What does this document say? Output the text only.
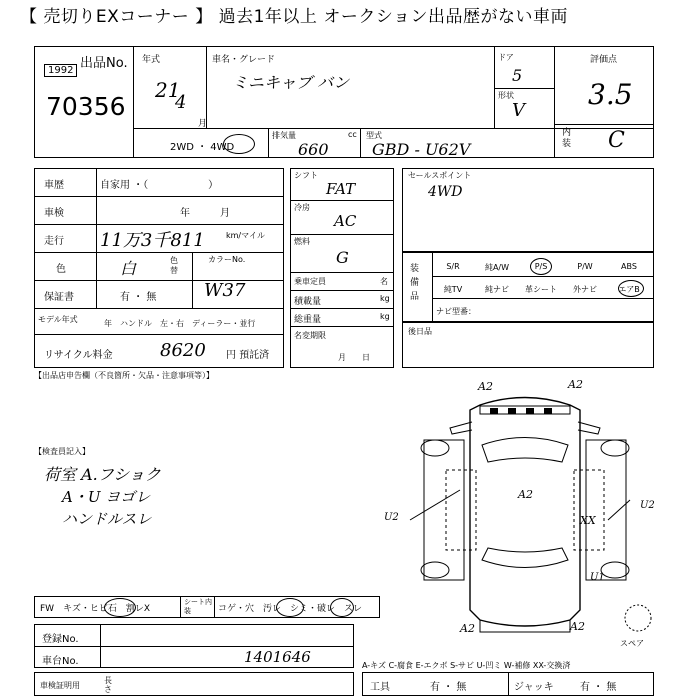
【 売切りEXコーナー 】 過去1年以上 オークション出品歴がない車両
出品No.
1992
70356
年式
21
4
月
車名・グレード
ミニキャブ バン
ドア
5
形状
V
評価点
3.5
内装 C
2WD ・ 4WD
排気量	cc
660
型式
GBD - U62V
車歴	自家用 ・（　　　　　　）
車検	年　　　月
走行 11万3千811	km/マイル
色	白	色替
カラーNo.
W37
保証書	有 ・ 無
モデル年式	年　ハンドル　左・右　ディーラー・並行
リサイクル料金	8620 円 預託済
シフト
FAT
冷房
AC
燃料
G
乗車定員	名
積載量	kg
総重量	kg
名変期限
月　　日
セールスポイント
4WD
装備品
S/R	純A/W	P/S	P/W	ABS
純TV	純ナビ	革シート	外ナビ	エアB
ナビ型番：
後日品
【出品店申告欄（不良箇所・欠品・注意事項等）】
【検査員記入】
荷室 A.フショク
A・U ヨゴレ
ハンドルスレ
A2	A2
A2
A2
U2
U2
U1
XX
A2
スペア
FW　キズ・ヒビ石　割レX
シート内装	コゲ・穴　汚レ　シミ・破レ　スレ
登録No.
車台No.	1401646	A-キズ C-腐食 E-エクボ S-サビ U-凹ミ W-補修 XX-交換済
車検証明用
長さ	工具	有 ・ 無	ジャッキ	有 ・ 無
